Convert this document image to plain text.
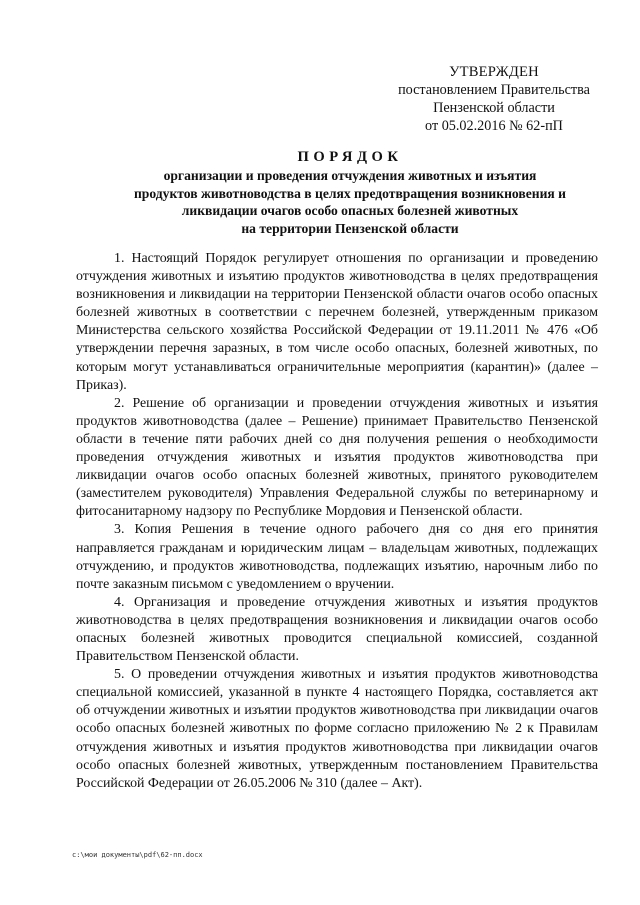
УТВЕРЖДЕН
постановлением Правительства
Пензенской области
от 05.02.2016 № 62-пП
ПОРЯДОК
организации и проведения отчуждения животных и изъятия
продуктов животноводства в целях предотвращения возникновения и
ликвидации очагов особо опасных болезней животных
на территории Пензенской области

1. Настоящий Порядок регулирует отношения по организации и проведению отчуждения животных и изъятию продуктов животноводства в целях предотвращения возникновения и ликвидации на территории Пензенской области очагов особо опасных болезней животных в соответствии с перечнем болезней, утвержденным приказом Министерства сельского хозяйства Российской Федерации от 19.11.2011 № 476 «Об утверждении перечня заразных, в том числе особо опасных, болезней животных, по которым могут устанавливаться ограничительные мероприятия (карантин)» (далее – Приказ).

2. Решение об организации и проведении отчуждения животных и изъятия продуктов животноводства (далее – Решение) принимает Правительство Пензенской области в течение пяти рабочих дней со дня получения решения о необходимости проведения отчуждения животных и изъятия продуктов животноводства при ликвидации очагов особо опасных болезней животных, принятого руководителем (заместителем руководителя) Управления Федеральной службы по ветеринарному и фитосанитарному надзору по Республике Мордовия и Пензенской области.

3. Копия Решения в течение одного рабочего дня со дня его принятия направляется гражданам и юридическим лицам – владельцам животных, подлежащих отчуждению, и продуктов животноводства, подлежащих изъятию, нарочным либо по почте заказным письмом с уведомлением о вручении.

4. Организация и проведение отчуждения животных и изъятия продуктов животноводства в целях предотвращения возникновения и ликвидации очагов особо опасных болезней животных проводится специальной комиссией, созданной Правительством Пензенской области.

5. О проведении отчуждения животных и изъятия продуктов животноводства специальной комиссией, указанной в пункте 4 настоящего Порядка, составляется акт об отчуждении животных и изъятии продуктов животноводства при ликвидации очагов особо опасных болезней животных по форме согласно приложению № 2 к Правилам отчуждения животных и изъятия продуктов животноводства при ликвидации очагов особо опасных болезней животных, утвержденным постановлением Правительства Российской Федерации от 26.05.2006 № 310 (далее – Акт).

c:\мои документы\pdf\62-пп.docx
